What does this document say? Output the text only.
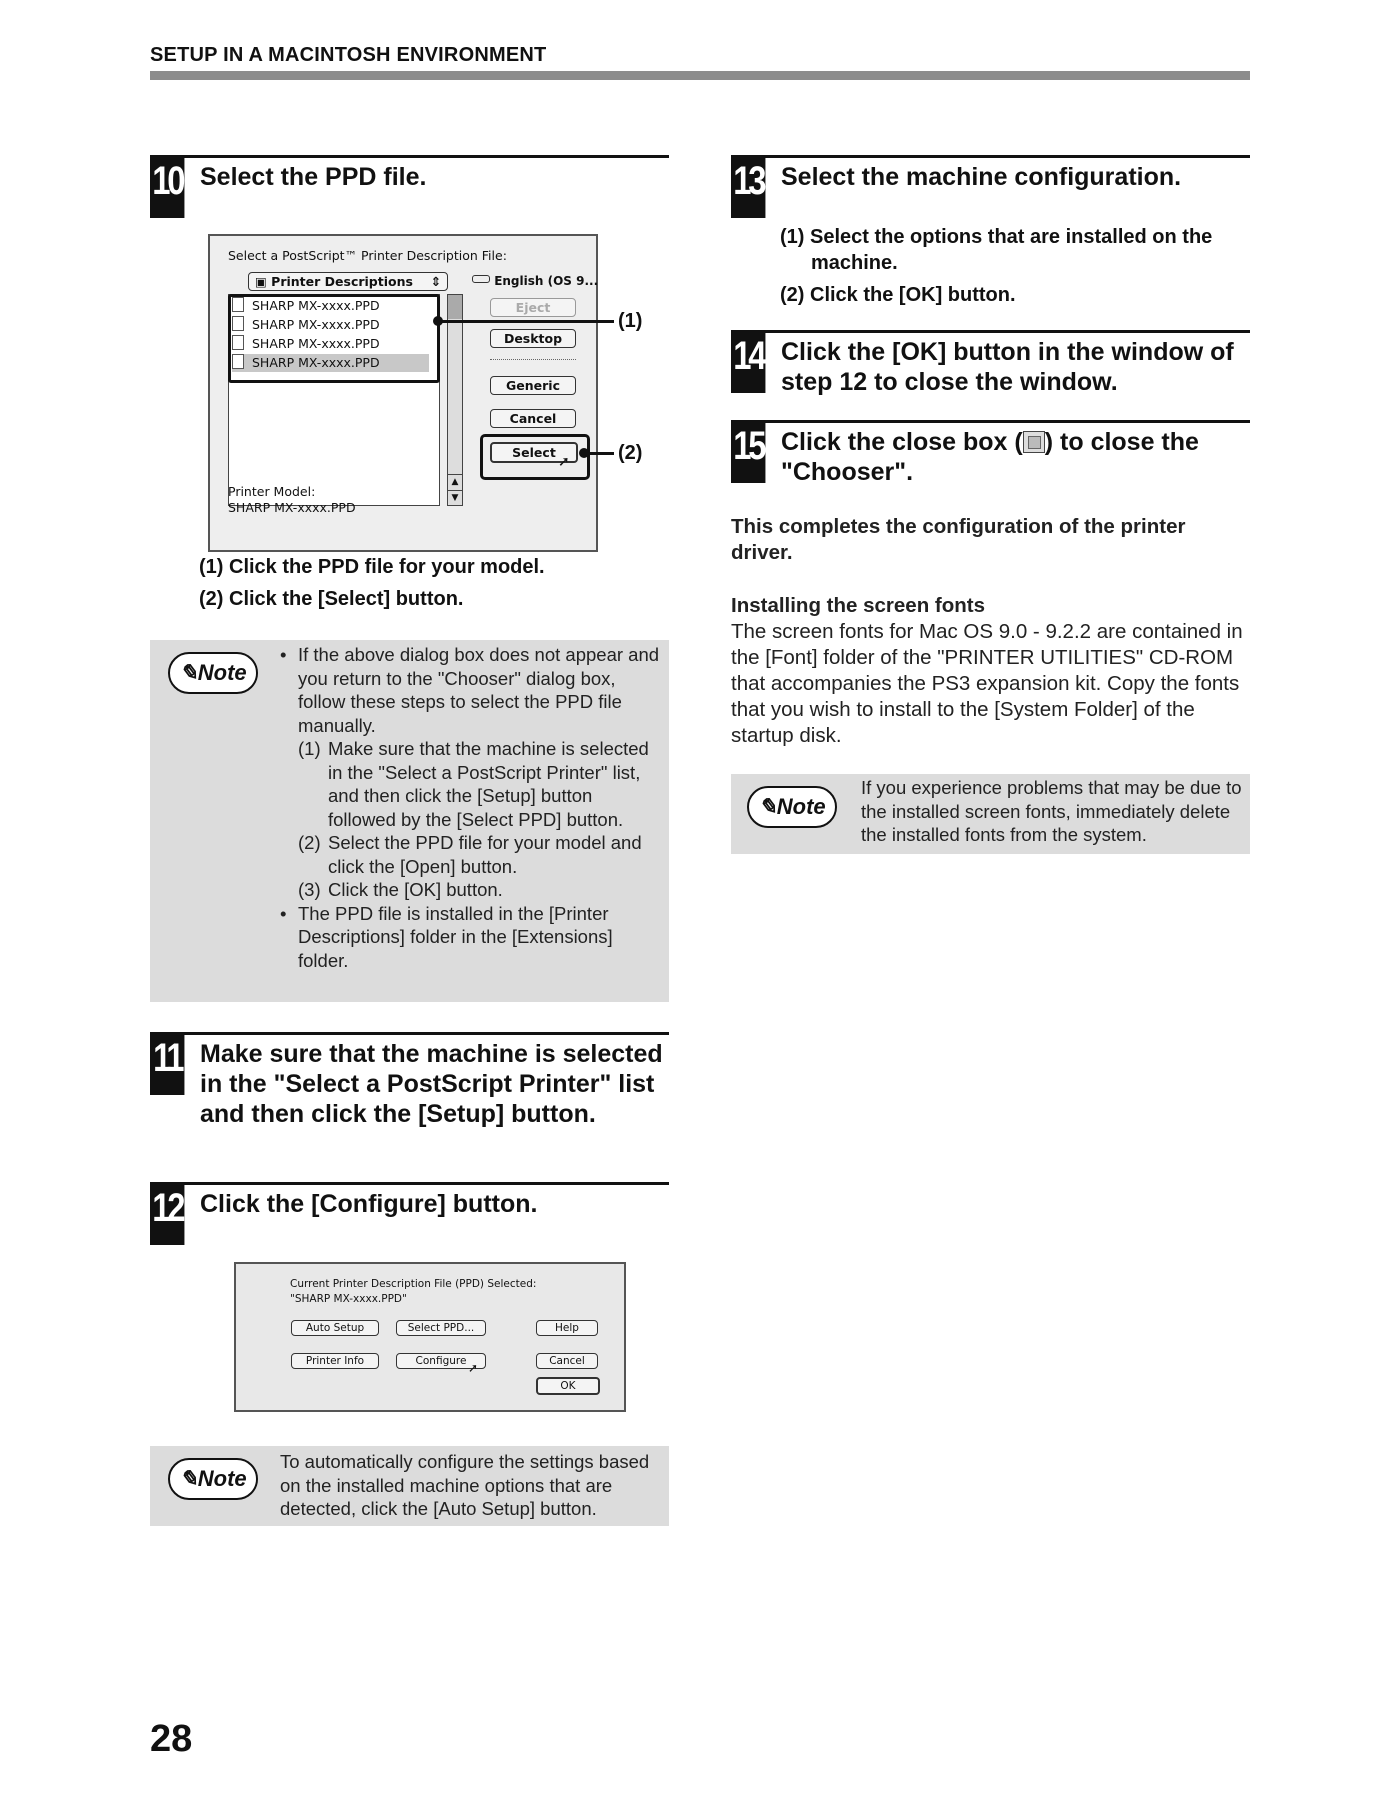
SETUP IN A MACINTOSH ENVIRONMENT
10 Select the PPD file.
Select a PostScript™ Printer Description File:
▣ Printer Descriptions ⇕	English (OS 9...
SHARP MX-xxxx.PPD
SHARP MX-xxxx.PPD
SHARP MX-xxxx.PPD
SHARP MX-xxxx.PPD
▲
▼
Eject
Desktop
Generic
Cancel
Select
➚
Printer Model:
SHARP MX-xxxx.PPD
(1)
(2)
(1) Click the PPD file for your model.
(2) Click the [Select] button.
✎Note
• If the above dialog box does not appear and you return to the "Chooser" dialog box, follow these steps to select the PPD file manually.
(1) Make sure that the machine is selected in the "Select a PostScript Printer" list, and then click the [Setup] button followed by the [Select PPD] button.
(2) Select the PPD file for your model and click the [Open] button.
(3) Click the [OK] button.
• The PPD file is installed in the [Printer Descriptions] folder in the [Extensions] folder.
11 Make sure that the machine is selected in the "Select a PostScript Printer" list and then click the [Setup] button.
12 Click the [Configure] button.
Current Printer Description File (PPD) Selected:
"SHARP MX-xxxx.PPD"
Auto Setup	Select PPD...	Help
Printer Info	Configure ➚	Cancel
OK
✎Note
To automatically configure the settings based on the installed machine options that are detected, click the [Auto Setup] button.
13 Select the machine configuration.
(1) Select the options that are installed on the machine.
(2) Click the [OK] button.
14 Click the [OK] button in the window of step 12 to close the window.
15 Click the close box ( ) to close the "Chooser".
This completes the configuration of the printer driver.
Installing the screen fonts
The screen fonts for Mac OS 9.0 - 9.2.2 are contained in the [Font] folder of the "PRINTER UTILITIES" CD-ROM that accompanies the PS3 expansion kit. Copy the fonts that you wish to install to the [System Folder] of the startup disk.
✎Note
If you experience problems that may be due to the installed screen fonts, immediately delete the installed fonts from the system.
28
